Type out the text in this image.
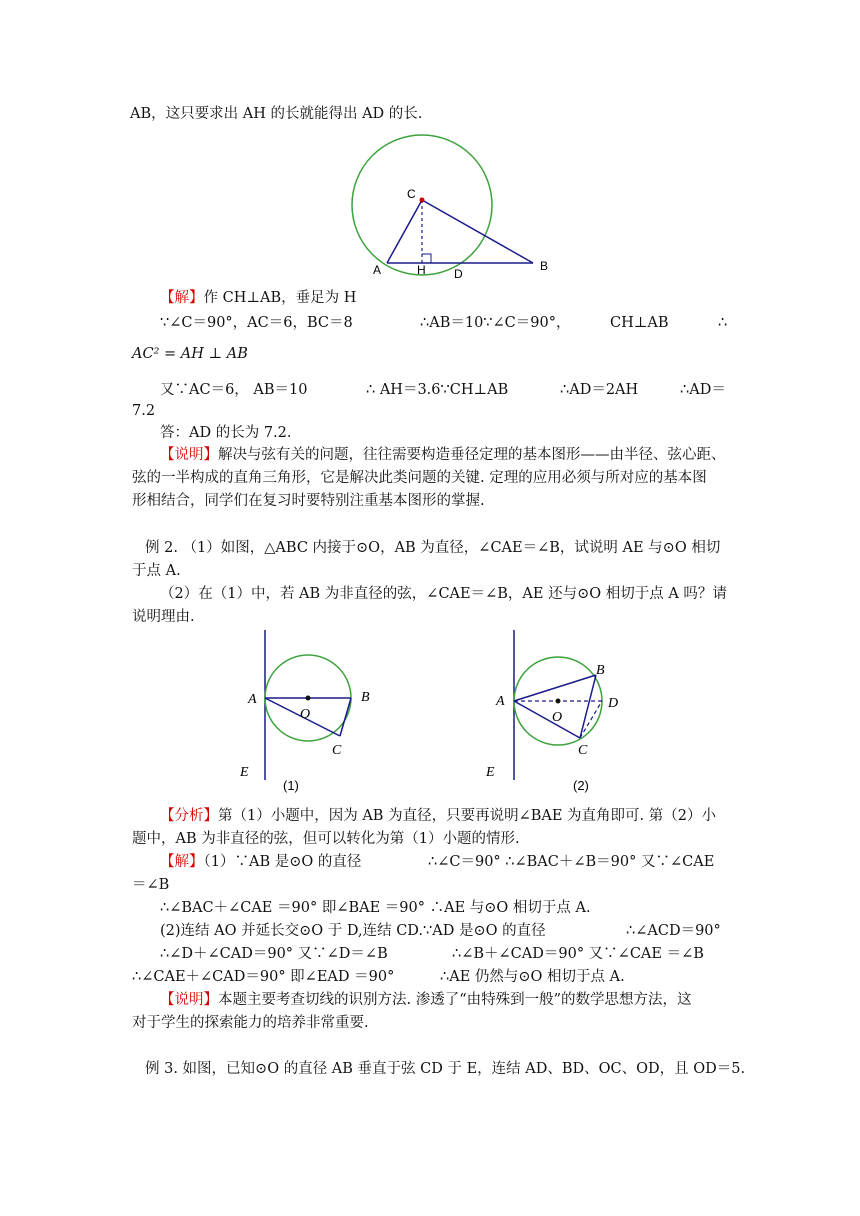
AB，这只要求出 AH 的长就能得出 AD 的长.
C
A	H D
B
【解】作 CH⊥AB，垂足为 H
∵∠C＝90°，AC＝6，BC＝8	∴AB＝10∵∠C＝90°，	CH⊥AB	∴
AC² = AH ⊥ AB
又∵AC＝6， AB＝10	∴ AH＝3.6∵CH⊥AB	∴AD＝2AH	∴AD＝
7.2
答：AD 的长为 7.2.
【说明】解决与弦有关的问题，往往需要构造垂径定理的基本图形——由半径、弦心距、
弦的一半构成的直角三角形，它是解决此类问题的关键. 定理的应用必须与所对应的基本图
形相结合，同学们在复习时要特别注重基本图形的掌握.
例 2. （1）如图，△ABC 内接于⊙O，AB 为直径，∠CAE＝∠B，试说明 AE 与⊙O 相切
于点 A.
（2）在（1）中，若 AB 为非直径的弦，∠CAE＝∠B，AE 还与⊙O 相切于点 A 吗？请
说明理由.
A	B
O
C
E
(1)
A
B
O
D
C
E
(2)
【分析】第（1）小题中，因为 AB 为直径，只要再说明∠BAE 为直角即可. 第（2）小
题中，AB 为非直径的弦，但可以转化为第（1）小题的情形.
【解】（1）∵AB 是⊙O 的直径	∴∠C＝90° ∴∠BAC＋∠B＝90° 又∵∠CAE
＝∠B
∴∠BAC＋∠CAE ＝90° 即∠BAE ＝90° ∴AE 与⊙O 相切于点 A.
(2)连结 AO 并延长交⊙O 于 D,连结 CD.∵AD 是⊙O 的直径	∴∠ACD＝90°
∴∠D＋∠CAD＝90° 又∵∠D＝∠B	∴∠B＋∠CAD＝90° 又∵∠CAE ＝∠B
∴∠CAE＋∠CAD＝90° 即∠EAD ＝90°	∴AE 仍然与⊙O 相切于点 A.
【说明】本题主要考查切线的识别方法. 渗透了“由特殊到一般”的数学思想方法，这
对于学生的探索能力的培养非常重要.
例 3. 如图，已知⊙O 的直径 AB 垂直于弦 CD 于 E，连结 AD、BD、OC、OD，且 OD＝5.
